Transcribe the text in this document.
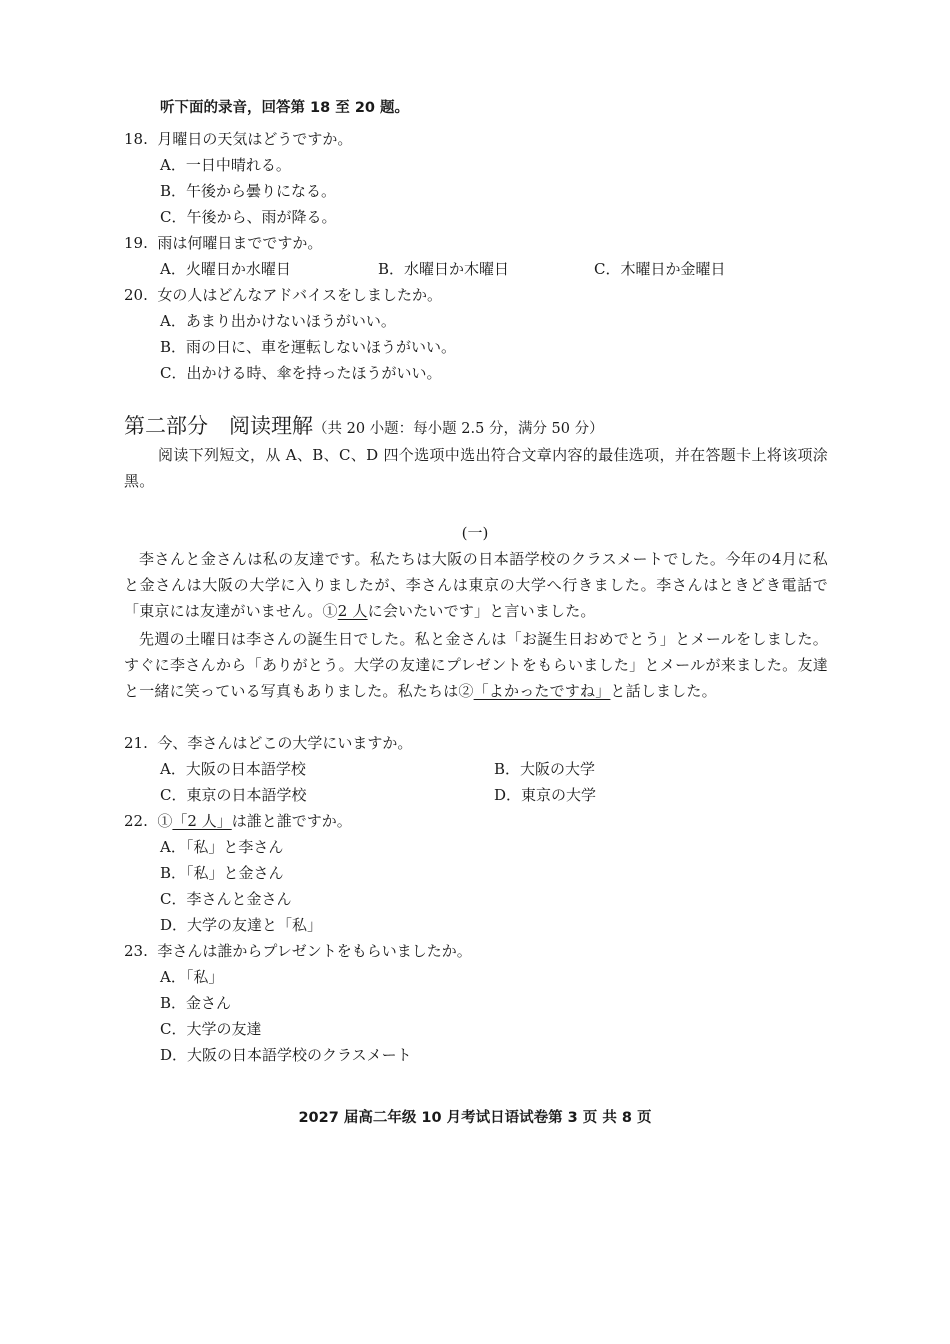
听下面的录音，回答第 18 至 20 题。
18. 月曜日の天気はどうですか。
A．一日中晴れる。
B．午後から曇りになる。
C．午後から、雨が降る。
19. 雨は何曜日までですか。
A．火曜日か水曜日	B．水曜日か木曜日	C．木曜日か金曜日
20. 女の人はどんなアドバイスをしましたか。
A．あまり出かけないほうがいい。
B．雨の日に、車を運転しないほうがいい。
C．出かける時、傘を持ったほうがいい。
第二部分　阅读理解（共 20 小题：每小题 2.5 分，满分 50 分）
阅读下列短文，从 A、B、C、D 四个选项中选出符合文章内容的最佳选项，并在答题卡上将该项涂黑。
(一)
李さんと金さんは私の友達です。私たちは大阪の日本語学校のクラスメートでした。今年の4月に私と金さんは大阪の大学に入りましたが、李さんは東京の大学へ行きました。李さんはときどき電話で「東京には友達がいません。①2 人に会いたいです」と言いました。
先週の土曜日は李さんの誕生日でした。私と金さんは「お誕生日おめでとう」とメールをしました。すぐに李さんから「ありがとう。大学の友達にプレゼントをもらいました」とメールが来ました。友達と一緒に笑っている写真もありました。私たちは②「よかったですね」と話しました。
21. 今、李さんはどこの大学にいますか。
A．大阪の日本語学校	B．大阪の大学
C．東京の日本語学校	D．東京の大学
22. ①「2 人」は誰と誰ですか。
A．「私」と李さん
B．「私」と金さん
C．李さんと金さん
D．大学の友達と「私」
23. 李さんは誰からプレゼントをもらいましたか。
A．「私」
B．金さん
C．大学の友達
D．大阪の日本語学校のクラスメート
2027 届高二年级 10 月考试日语试卷第 3 页 共 8 页
